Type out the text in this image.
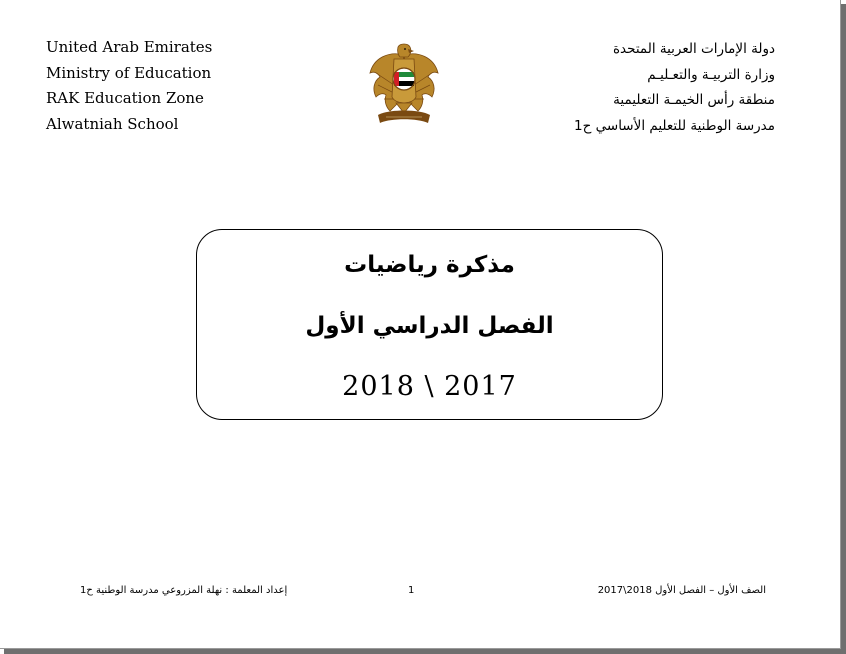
United Arab Emirates
Ministry of Education
RAK Education Zone
Alwatniah School
دولة الإمارات العربية المتحدة
وزارة التربيـة والتعـليـم
منطقة رأس الخيمـة التعليمية
مدرسة الوطنية للتعليم الأساسي ح1
مذكرة رياضيات
الفصل الدراسي الأول
2018 \ 2017
إعداد المعلمة : نهلة المزروعي مدرسة الوطنية ح1	1	الصف الأول – الفصل الأول 2018\2017
